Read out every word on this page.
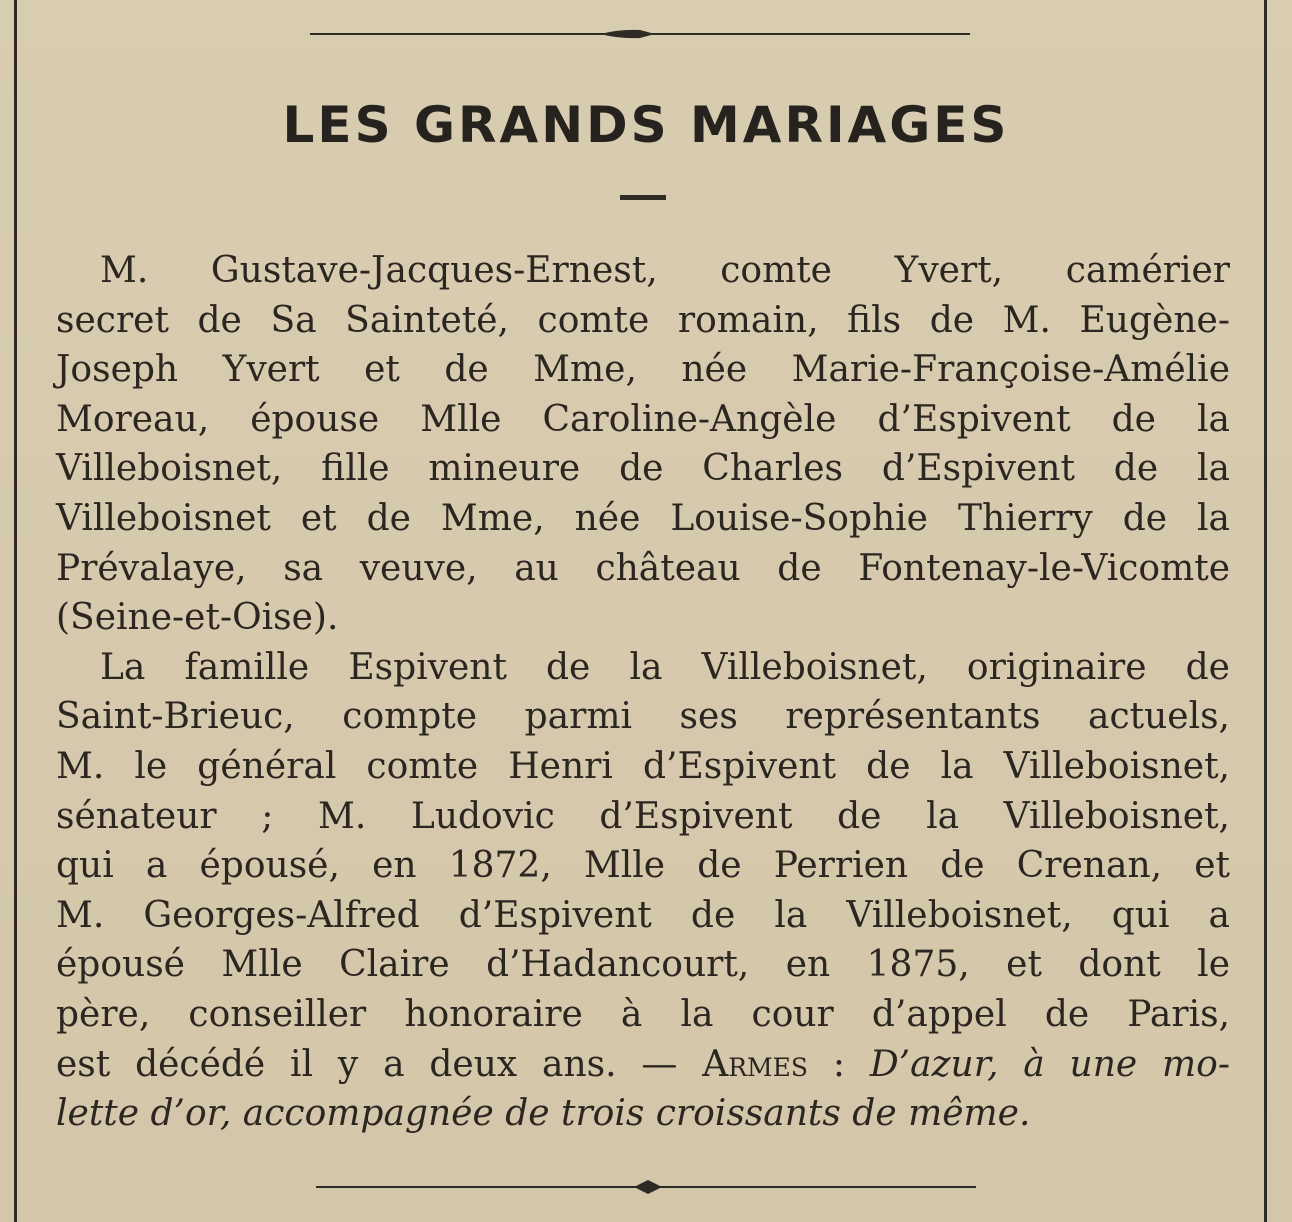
LES GRANDS MARIAGES
M. Gustave-Jacques-Ernest, comte Yvert, camérier
secret de Sa Sainteté, comte romain, fils de M. Eugène-
Joseph Yvert et de Mme, née Marie-Françoise-Amélie
Moreau, épouse Mlle Caroline-Angèle d’Espivent de la
Villeboisnet, fille mineure de Charles d’Espivent de la
Villeboisnet et de Mme, née Louise-Sophie Thierry de la
Prévalaye, sa veuve, au château de Fontenay-le-Vicomte
(Seine-et-Oise).
La famille Espivent de la Villeboisnet, originaire de
Saint-Brieuc, compte parmi ses représentants actuels,
M. le général comte Henri d’Espivent de la Villeboisnet,
sénateur ; M. Ludovic d’Espivent de la Villeboisnet,
qui a épousé, en 1872, Mlle de Perrien de Crenan, et
M. Georges-Alfred d’Espivent de la Villeboisnet, qui a
épousé Mlle Claire d’Hadancourt, en 1875, et dont le
père, conseiller honoraire à la cour d’appel de Paris,
est décédé il y a deux ans. — Armes : D’azur, à une mo-
lette d’or, accompagnée de trois croissants de même.
